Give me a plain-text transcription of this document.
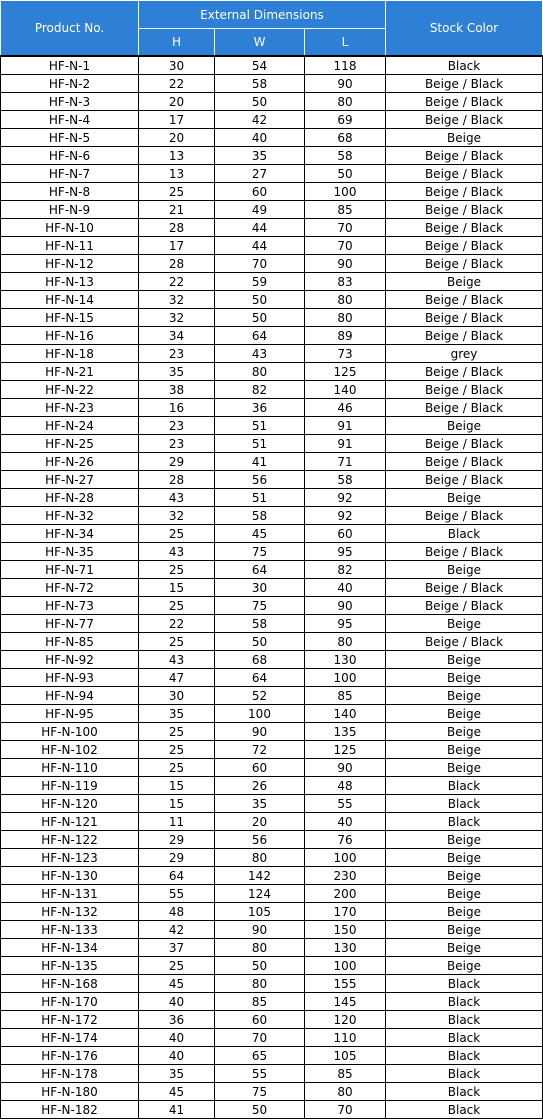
Product No.	External Dimensions			Stock Color
	H	W	L	
HF-N-1	30	54	118	Black
HF-N-2	22	58	90	Beige / Black
HF-N-3	20	50	80	Beige / Black
HF-N-4	17	42	69	Beige / Black
HF-N-5	20	40	68	Beige
HF-N-6	13	35	58	Beige / Black
HF-N-7	13	27	50	Beige / Black
HF-N-8	25	60	100	Beige / Black
HF-N-9	21	49	85	Beige / Black
HF-N-10	28	44	70	Beige / Black
HF-N-11	17	44	70	Beige / Black
HF-N-12	28	70	90	Beige / Black
HF-N-13	22	59	83	Beige
HF-N-14	32	50	80	Beige / Black
HF-N-15	32	50	80	Beige / Black
HF-N-16	34	64	89	Beige / Black
HF-N-18	23	43	73	grey
HF-N-21	35	80	125	Beige / Black
HF-N-22	38	82	140	Beige / Black
HF-N-23	16	36	46	Beige / Black
HF-N-24	23	51	91	Beige
HF-N-25	23	51	91	Beige / Black
HF-N-26	29	41	71	Beige / Black
HF-N-27	28	56	58	Beige / Black
HF-N-28	43	51	92	Beige
HF-N-32	32	58	92	Beige / Black
HF-N-34	25	45	60	Black
HF-N-35	43	75	95	Beige / Black
HF-N-71	25	64	82	Beige
HF-N-72	15	30	40	Beige / Black
HF-N-73	25	75	90	Beige / Black
HF-N-77	22	58	95	Beige
HF-N-85	25	50	80	Beige / Black
HF-N-92	43	68	130	Beige
HF-N-93	47	64	100	Beige
HF-N-94	30	52	85	Beige
HF-N-95	35	100	140	Beige
HF-N-100	25	90	135	Beige
HF-N-102	25	72	125	Beige
HF-N-110	25	60	90	Beige
HF-N-119	15	26	48	Black
HF-N-120	15	35	55	Black
HF-N-121	11	20	40	Black
HF-N-122	29	56	76	Beige
HF-N-123	29	80	100	Beige
HF-N-130	64	142	230	Beige
HF-N-131	55	124	200	Beige
HF-N-132	48	105	170	Beige
HF-N-133	42	90	150	Beige
HF-N-134	37	80	130	Beige
HF-N-135	25	50	100	Beige
HF-N-168	45	80	155	Black
HF-N-170	40	85	145	Black
HF-N-172	36	60	120	Black
HF-N-174	40	70	110	Black
HF-N-176	40	65	105	Black
HF-N-178	35	55	85	Black
HF-N-180	45	75	80	Black
HF-N-182	41	50	70	Black
